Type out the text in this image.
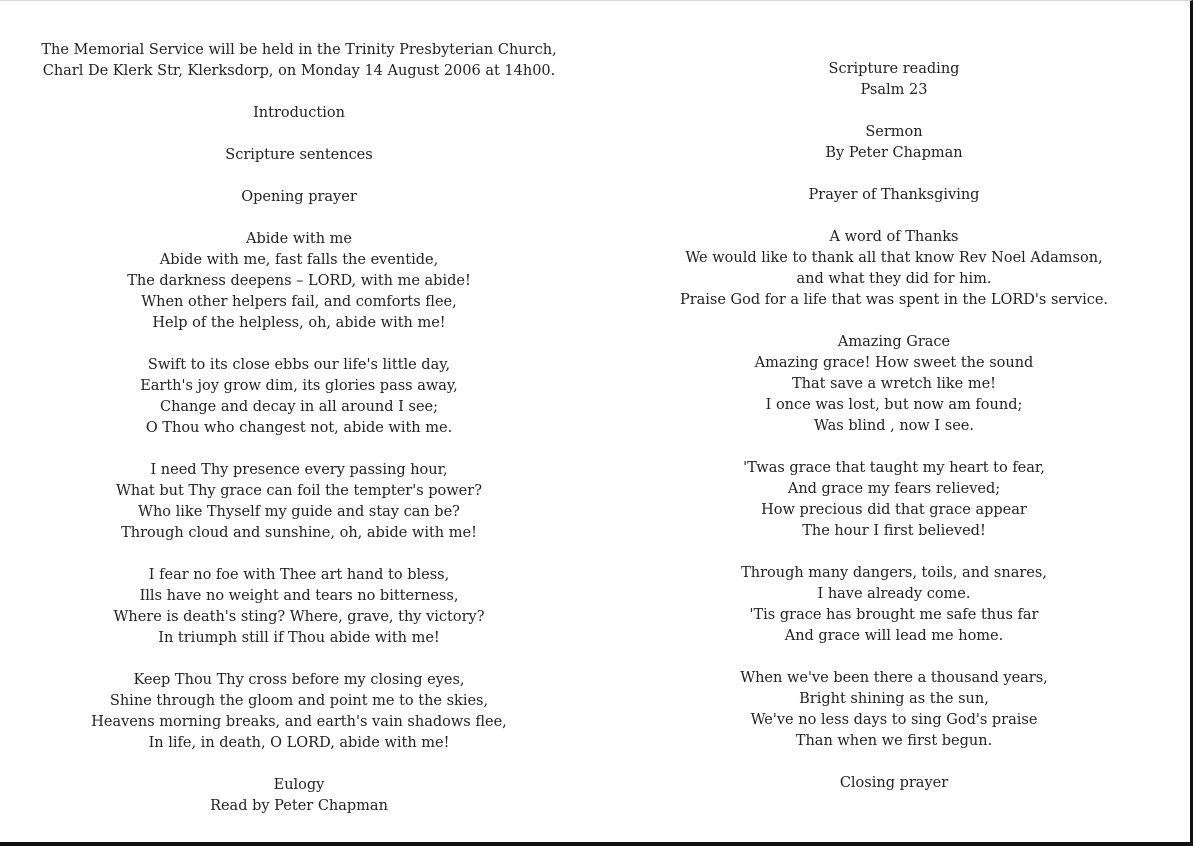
The Memorial Service will be held in the Trinity Presbyterian Church,
Charl De Klerk Str, Klerksdorp, on Monday 14 August 2006 at 14h00.
Introduction
Scripture sentences
Opening prayer
Abide with me
Abide with me, fast falls the eventide,
The darkness deepens – LORD, with me abide!
When other helpers fail, and comforts flee,
Help of the helpless, oh, abide with me!
Swift to its close ebbs our life's little day,
Earth's joy grow dim, its glories pass away,
Change and decay in all around I see;
O Thou who changest not, abide with me.
I need Thy presence every passing hour,
What but Thy grace can foil the tempter's power?
Who like Thyself my guide and stay can be?
Through cloud and sunshine, oh, abide with me!
I fear no foe with Thee art hand to bless,
Ills have no weight and tears no bitterness,
Where is death's sting? Where, grave, thy victory?
In triumph still if Thou abide with me!
Keep Thou Thy cross before my closing eyes,
Shine through the gloom and point me to the skies,
Heavens morning breaks, and earth's vain shadows flee,
In life, in death, O LORD, abide with me!
Eulogy
Read by Peter Chapman
Scripture reading
Psalm 23
Sermon
By Peter Chapman
Prayer of Thanksgiving
A word of Thanks
We would like to thank all that know Rev Noel Adamson,
and what they did for him.
Praise God for a life that was spent in the LORD's service.
Amazing Grace
Amazing grace! How sweet the sound
That save a wretch like me!
I once was lost, but now am found;
Was blind , now I see.
'Twas grace that taught my heart to fear,
And grace my fears relieved;
How precious did that grace appear
The hour I first believed!
Through many dangers, toils, and snares,
I have already come.
'Tis grace has brought me safe thus far
And grace will lead me home.
When we've been there a thousand years,
Bright shining as the sun,
We've no less days to sing God's praise
Than when we first begun.
Closing prayer
